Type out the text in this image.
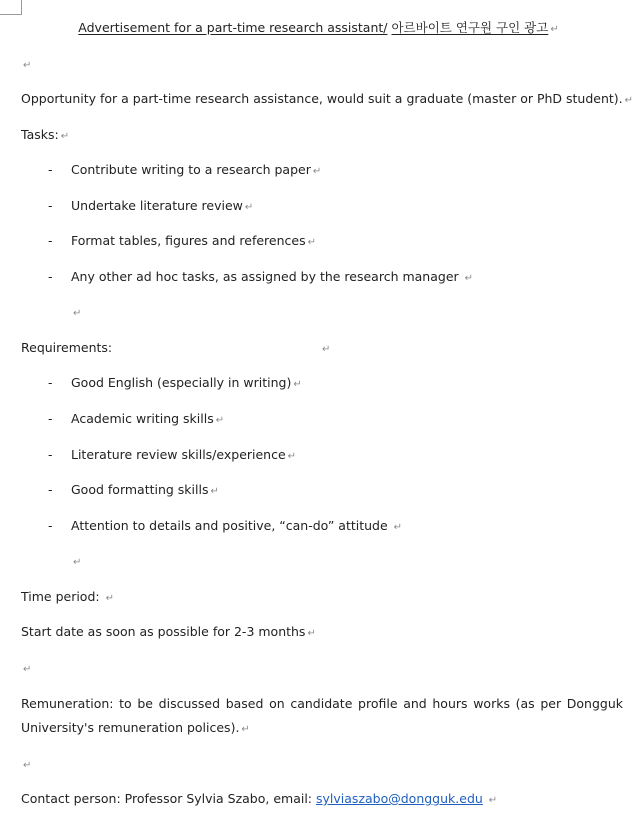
Advertisement for a part-time research assistant/ 아르바이트 연구원 구인 광고 ↵
↵
Opportunity for a part-time research assistance, would suit a graduate (master or PhD student). ↵
Tasks: ↵
- Contribute writing to a research paper ↵
- Undertake literature review ↵
- Format tables, figures and references ↵
- Any other ad hoc tasks, as assigned by the research manager ↵
↵
Requirements:	↵
- Good English (especially in writing) ↵
- Academic writing skills ↵
- Literature review skills/experience ↵
- Good formatting skills ↵
- Attention to details and positive, “can-do” attitude ↵
↵
Time period: ↵
Start date as soon as possible for 2-3 months ↵
↵
Remuneration: to be discussed based on candidate profile and hours works (as per Dongguk
University's remuneration polices). ↵
↵
Contact person: Professor Sylvia Szabo, email: sylviaszabo@dongguk.edu ↵
